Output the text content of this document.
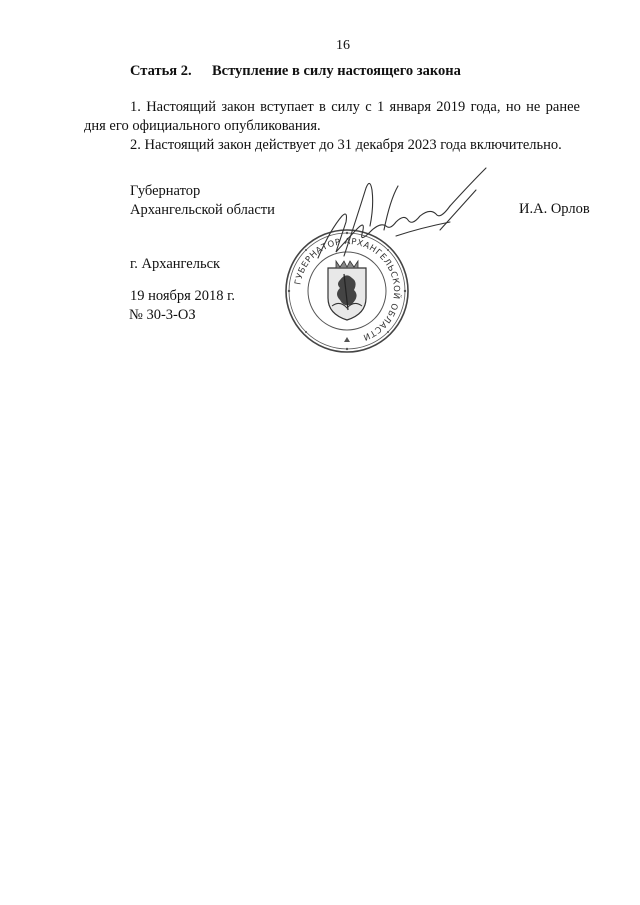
16
Статья 2. Вступление в силу настоящего закона
1. Настоящий закон вступает в силу с 1 января 2019 года, но не ранее
дня его официального опубликования.
2. Настоящий закон действует до 31 декабря 2023 года включительно.
Губернатор
Архангельской области	И.А. Орлов
ГУБЕРНАТОР АРХАНГЕЛЬСКОЙ ОБЛАСТИ
г. Архангельск
19 ноября 2018 г.
№ 30-3-ОЗ
